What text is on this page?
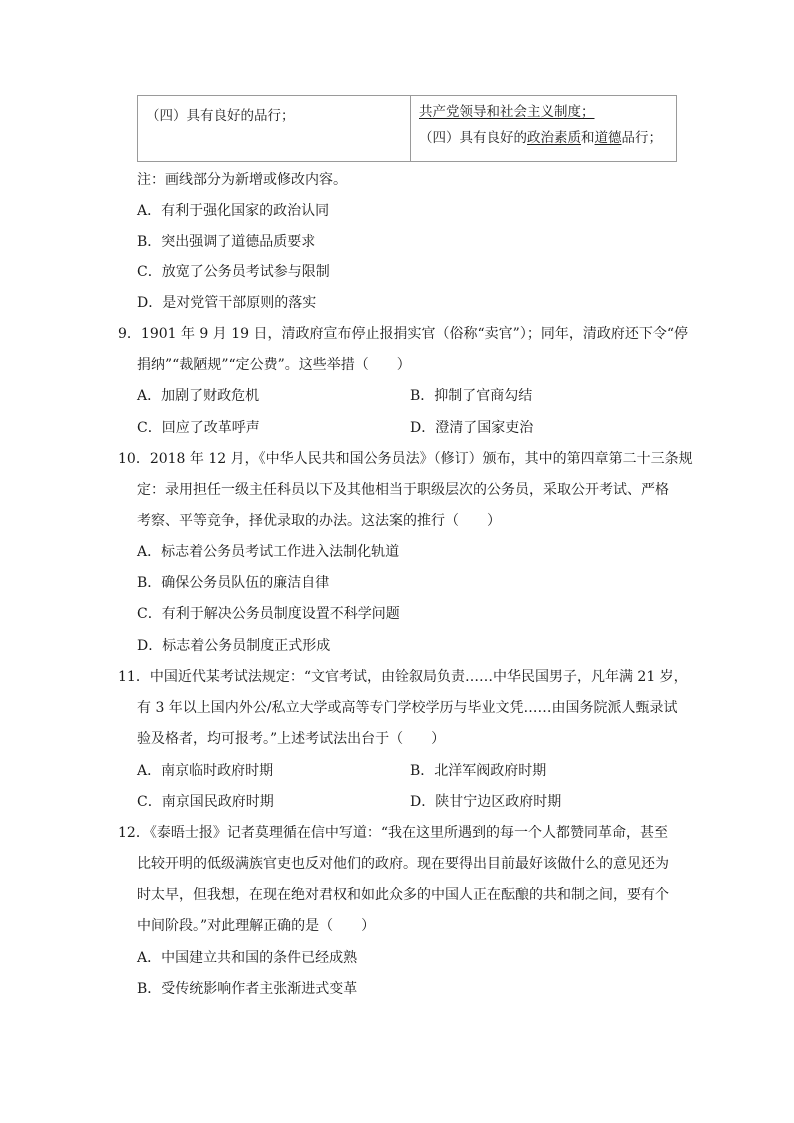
（四）具有良好的品行；	共产党领导和社会主义制度；
（四）具有良好的政治素质和道德品行；
注：画线部分为新增或修改内容。
A．有利于强化国家的政治认同
B．突出强调了道德品质要求
C．放宽了公务员考试参与限制
D．是对党管干部原则的落实
9．1901 年 9 月 19 日，清政府宣布停止报捐实官（俗称“卖官”）；同年，清政府还下令“停
捐纳”“裁陋规”“定公费”。这些举措（　　）
A．加剧了财政危机	B．抑制了官商勾结
C．回应了改革呼声	D．澄清了国家吏治
10．2018 年 12 月，《中华人民共和国公务员法》（修订）颁布，其中的第四章第二十三条规
定：录用担任一级主任科员以下及其他相当于职级层次的公务员，采取公开考试、严格
考察、平等竞争，择优录取的办法。这法案的推行（　　）
A．标志着公务员考试工作进入法制化轨道
B．确保公务员队伍的廉洁自律
C．有利于解决公务员制度设置不科学问题
D．标志着公务员制度正式形成
11．中国近代某考试法规定：“文官考试，由铨叙局负责……中华民国男子，凡年满 21 岁，
有 3 年以上国内外公/私立大学或高等专门学校学历与毕业文凭……由国务院派人甄录试
验及格者，均可报考。”上述考试法出台于（　　）
A．南京临时政府时期	B．北洋军阀政府时期
C．南京国民政府时期	D．陕甘宁边区政府时期
12．《泰晤士报》记者莫理循在信中写道：“我在这里所遇到的每一个人都赞同革命，甚至
比较开明的低级满族官吏也反对他们的政府。现在要得出目前最好该做什么的意见还为
时太早，但我想，在现在绝对君权和如此众多的中国人正在酝酿的共和制之间，要有个
中间阶段。”对此理解正确的是（　　）
A．中国建立共和国的条件已经成熟
B．受传统影响作者主张渐进式变革
